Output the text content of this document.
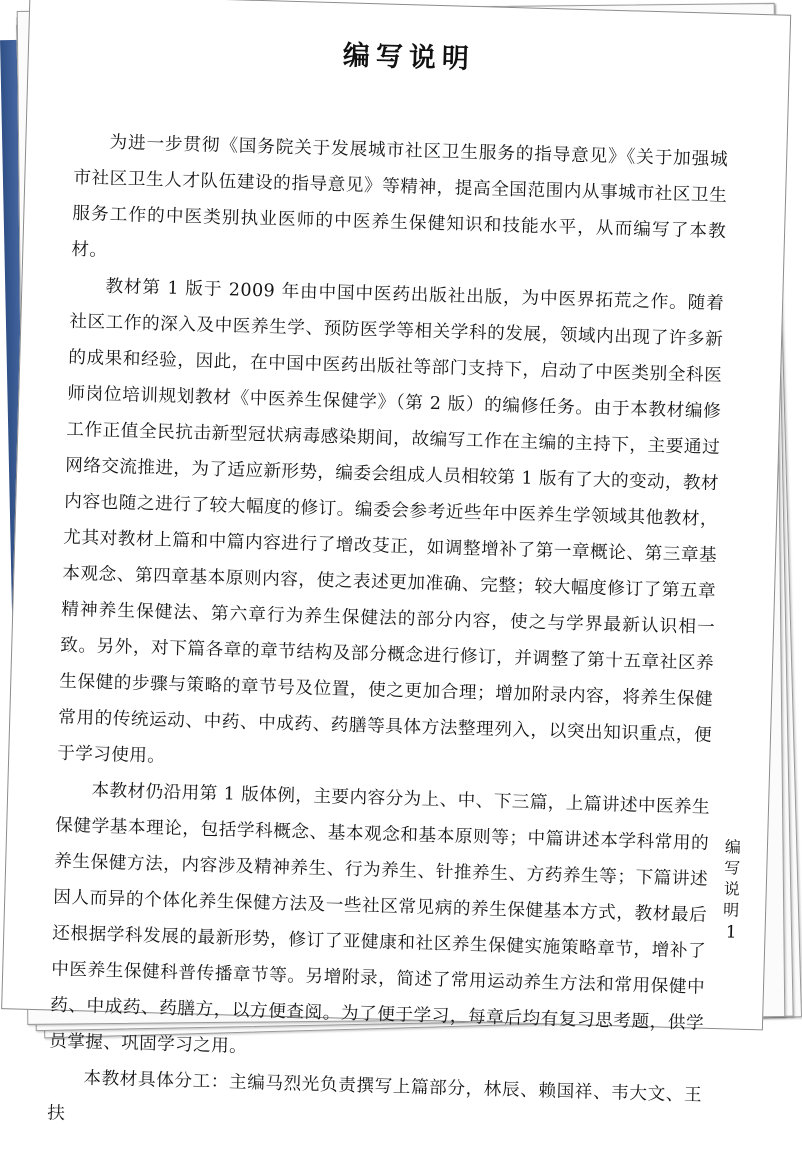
编写说明

为进一步贯彻《国务院关于发展城市社区卫生服务的指导意见》《关于加强城市社区卫生人才队伍建设的指导意见》等精神，提高全国范围内从事城市社区卫生服务工作的中医类别执业医师的中医养生保健知识和技能水平，从而编写了本教材。

教材第 1 版于 2009 年由中国中医药出版社出版，为中医界拓荒之作。随着社区工作的深入及中医养生学、预防医学等相关学科的发展，领域内出现了许多新的成果和经验，因此，在中国中医药出版社等部门支持下，启动了中医类别全科医师岗位培训规划教材《中医养生保健学》（第 2 版）的编修任务。由于本教材编修工作正值全民抗击新型冠状病毒感染期间，故编写工作在主编的主持下，主要通过网络交流推进，为了适应新形势，编委会组成人员相较第 1 版有了大的变动，教材内容也随之进行了较大幅度的修订。编委会参考近些年中医养生学领域其他教材，尤其对教材上篇和中篇内容进行了增改芟正，如调整增补了第一章概论、第三章基本观念、第四章基本原则内容，使之表述更加准确、完整；较大幅度修订了第五章精神养生保健法、第六章行为养生保健法的部分内容，使之与学界最新认识相一致。另外，对下篇各章的章节结构及部分概念进行修订，并调整了第十五章社区养生保健的步骤与策略的章节号及位置，使之更加合理；增加附录内容，将养生保健常用的传统运动、中药、中成药、药膳等具体方法整理列入，以突出知识重点，便于学习使用。

本教材仍沿用第 1 版体例，主要内容分为上、中、下三篇，上篇讲述中医养生保健学基本理论，包括学科概念、基本观念和基本原则等；中篇讲述本学科常用的养生保健方法，内容涉及精神养生、行为养生、针推养生、方药养生等；下篇讲述因人而异的个体化养生保健方法及一些社区常见病的养生保健基本方式，教材最后还根据学科发展的最新形势，修订了亚健康和社区养生保健实施策略章节，增补了中医养生保健科普传播章节等。另增附录，简述了常用运动养生方法和常用保健中药、中成药、药膳方，以方便查阅。为了便于学习，每章后均有复习思考题，供学员掌握、巩固学习之用。

本教材具体分工：主编马烈光负责撰写上篇部分，林辰、赖国祥、韦大文、王扶

编写说明
1
